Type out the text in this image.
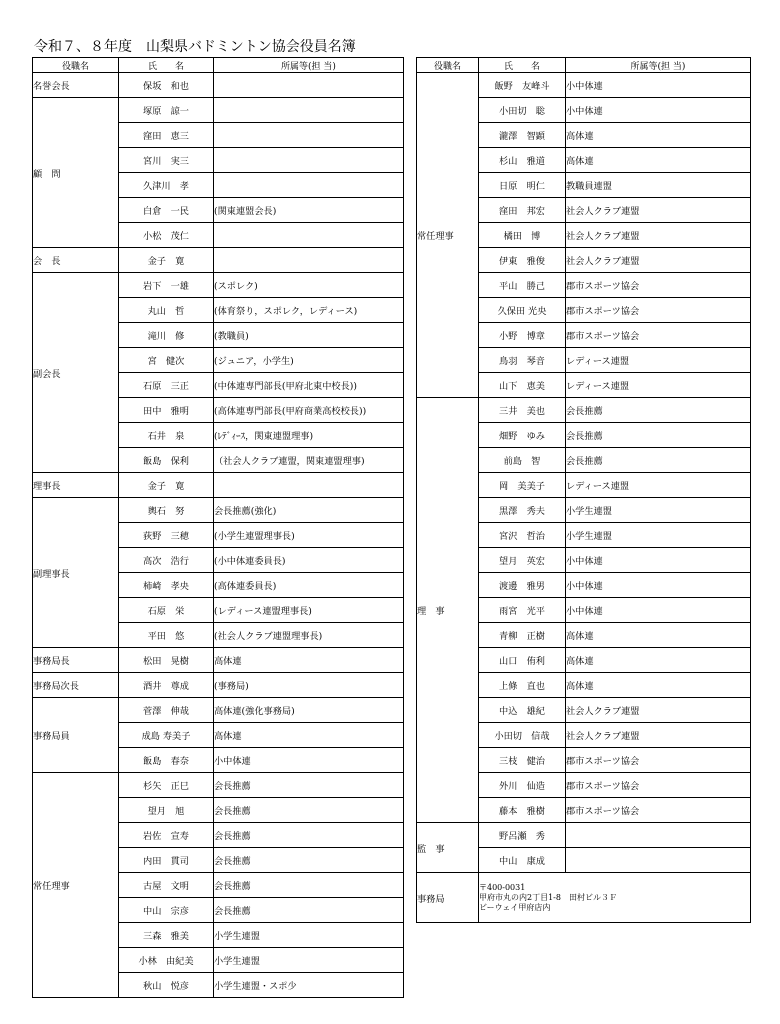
令和７、８年度　山梨県バドミントン協会役員名簿
役職名	氏　　名	所属等(担 当)
名誉会長	保坂　和也	
顧　問	塚原　諒一	
	窪田　恵三	
	宮川　実三	
	久津川　孝	
	白倉　一民	(関東連盟会長)
	小松　茂仁	
会　長	金子　寛	
副会長	岩下　一雄	(スポレク)
	丸山　哲	(体育祭り，スポレク，レディース)
	滝川　修	(教職員)
	宮　健次	(ジュニア，小学生)
	石原　三正	(中体連専門部長(甲府北東中校長))
	田中　雅明	(高体連専門部長(甲府商業高校校長))
	石井　泉	(ﾚﾃﾞｨｰｽ，関東連盟理事)
	飯島　保利	（社会人クラブ連盟，関東連盟理事)
理事長	金子　寛	
副理事長	輿石　努	会長推薦(強化)
	荻野　三穂	(小学生連盟理事長)
	高次　浩行	(小中体連委員長)
	柿崎　孝央	(高体連委員長)
	石原　栄	(レディース連盟理事長)
	平田　悠	(社会人クラブ連盟理事長)
事務局長	松田　晃樹	高体連
事務局次長	酒井　尊成	(事務局)
事務局員	菅澤　伸哉	高体連(強化事務局)
	成島 寿美子	高体連
	飯島　春奈	小中体連
常任理事	杉矢　正巳	会長推薦
	望月　旭	会長推薦
	岩佐　宣寿	会長推薦
	内田　貫司	会長推薦
	古屋　文明	会長推薦
	中山　宗彦	会長推薦
	三森　雅美	小学生連盟
	小林　由紀美	小学生連盟
	秋山　悦彦	小学生連盟・スポ少
役職名	氏　　名	所属等(担 当)
常任理事	飯野　友峰斗	小中体連
	小田切　聡	小中体連
	瀧澤　智顕	高体連
	杉山　雅道	高体連
	日原　明仁	教職員連盟
	窪田　邦宏	社会人クラブ連盟
	橘田　博	社会人クラブ連盟
	伊東　雅俊	社会人クラブ連盟
	平山　勝己	郡市スポーツ協会
	久保田 光央	郡市スポーツ協会
	小野　博章	郡市スポーツ協会
	鳥羽　琴音	レディース連盟
	山下　恵美	レディース連盟
理　事	三井　美也	会長推薦
	畑野　ゆみ	会長推薦
	前島　智	会長推薦
	岡　美美子	レディース連盟
	黒澤　秀夫	小学生連盟
	宮沢　哲治	小学生連盟
	望月　英宏	小中体連
	渡邊　雅男	小中体連
	雨宮　光平	小中体連
	青柳　正樹	高体連
	山口　侑利	高体連
	上條　直也	高体連
	中込　雄紀	社会人クラブ連盟
	小田切　信哉	社会人クラブ連盟
	三枝　健治	郡市スポーツ協会
	外川　仙造	郡市スポーツ協会
	藤本　雅樹	郡市スポーツ協会
監　事	野呂瀬　秀	
	中山　康成	
事務局	〒400-0031
甲府市丸の内2丁目1-8　田村ビル３Ｆ
ビーウェイ甲府店内	
